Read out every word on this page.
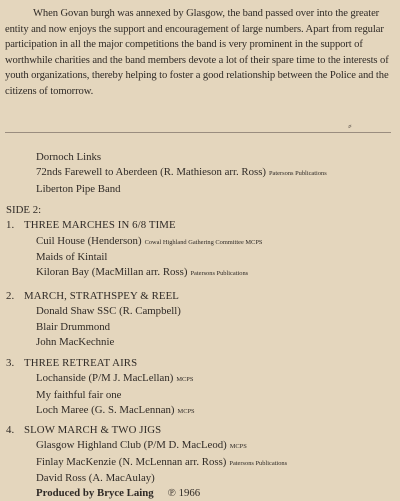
When Govan burgh was annexed by Glasgow, the band passed over into the greater entity and now enjoys the support and encouragement of large numbers. Apart from regular participation in all the major competitions the band is very prominent in the support of worthwhile charities and the band members devote a lot of their spare time to the interests of youth organizations, thereby helping to foster a good relationship between the Police and the citizens of tomorrow.

⸗
Dornoch Links
72nds Farewell to Aberdeen (R. Mathieson arr. Ross) Patersons Publications
Liberton Pipe Band
SIDE 2:
1. THREE MARCHES IN 6/8 TIME
Cuil House (Henderson) Cowal Highland Gathering Committee MCPS
Maids of Kintail
Kiloran Bay (MacMillan arr. Ross) Patersons Publications
2. MARCH, STRATHSPEY & REEL
Donald Shaw SSC (R. Campbell)
Blair Drummond
John MacKechnie
3. THREE RETREAT AIRS
Lochanside (P/M J. MacLellan) MCPS
My faithful fair one
Loch Maree (G. S. MacLennan) MCPS
4. SLOW MARCH & TWO JIGS
Glasgow Highland Club (P/M D. MacLeod) MCPS
Finlay MacKenzie (N. McLennan arr. Ross) Patersons Publications
David Ross (A. MacAulay)
Produced by Bryce Laing ℗ 1966
